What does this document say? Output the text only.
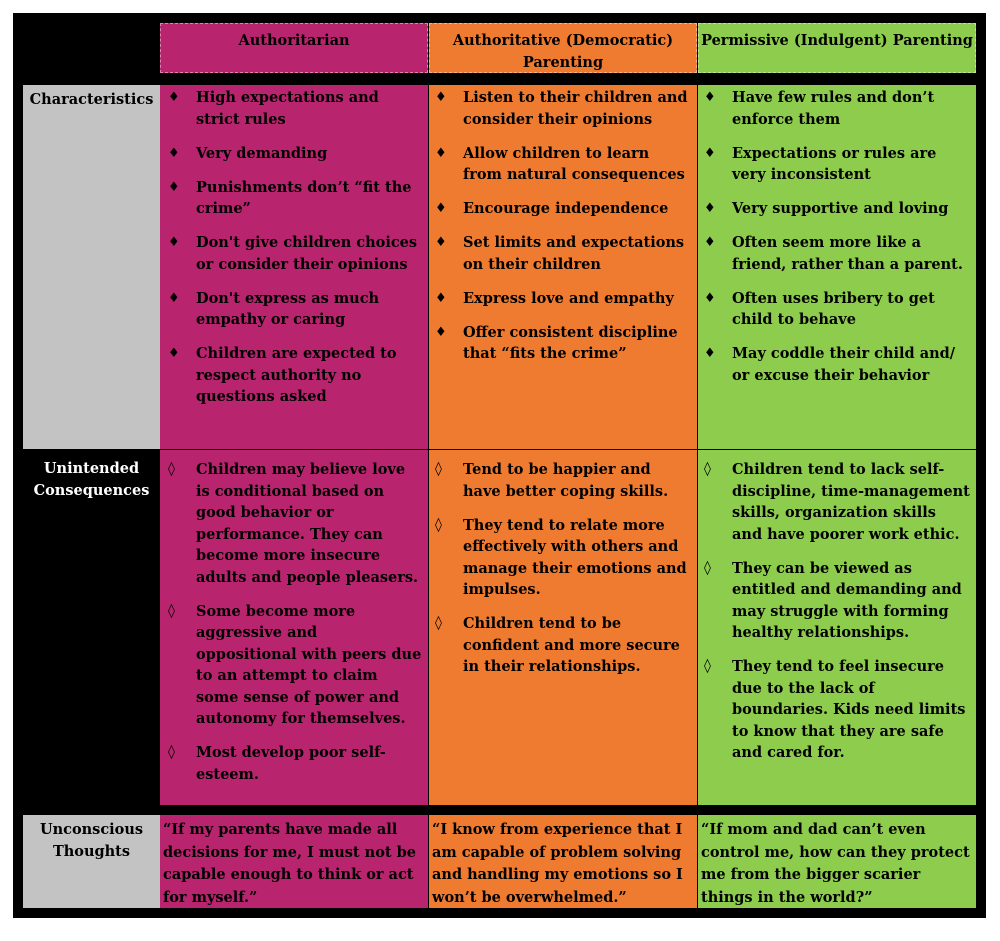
Authoritarian	Authoritative (Democratic) Parenting
Permissive (Indulgent) Parenting
Characteristics	♦ High expectations and strict rules
♦ Very demanding
♦ Punishments don’t “fit the crime”
♦ Don't give children choices or consider their opinions
♦ Don't express as much empathy or caring
♦ Children are expected to respect authority no questions asked
♦ Listen to their children and consider their opinions
♦ Allow children to learn from natural consequences
♦ Encourage independence
♦ Set limits and expectations on their children
♦ Express love and empathy
♦ Offer consistent discipline that “fits the crime”
♦ Have few rules and don’t enforce them
♦ Expectations or rules are very inconsistent
♦ Very supportive and loving
♦ Often seem more like a friend, rather than a parent.
♦ Often uses bribery to get child to behave
♦ May coddle their child and/ or excuse their behavior
Unintended Consequences
◊ Children may believe love is conditional based on good behavior or performance. They can become more insecure adults and people pleasers.
◊ Some become more aggressive and oppositional with peers due to an attempt to claim some sense of power and autonomy for themselves.
◊ Most develop poor self-esteem.
◊ Tend to be happier and have better coping skills.
◊ They tend to relate more effectively with others and manage their emotions and impulses.
◊ Children tend to be confident and more secure in their relationships.
◊ Children tend to lack self-discipline, time-management skills, organization skills and have poorer work ethic.
◊ They can be viewed as entitled and demanding and may struggle with forming healthy relationships.
◊ They tend to feel insecure due to the lack of boundaries. Kids need limits to know that they are safe and cared for.
Unconscious Thoughts
“If my parents have made all decisions for me, I must not be capable enough to think or act for myself.”
“I know from experience that I am capable of problem solving and handling my emotions so I won’t be overwhelmed.”
“If mom and dad can’t even control me, how can they protect me from the bigger scarier things in the world?”
